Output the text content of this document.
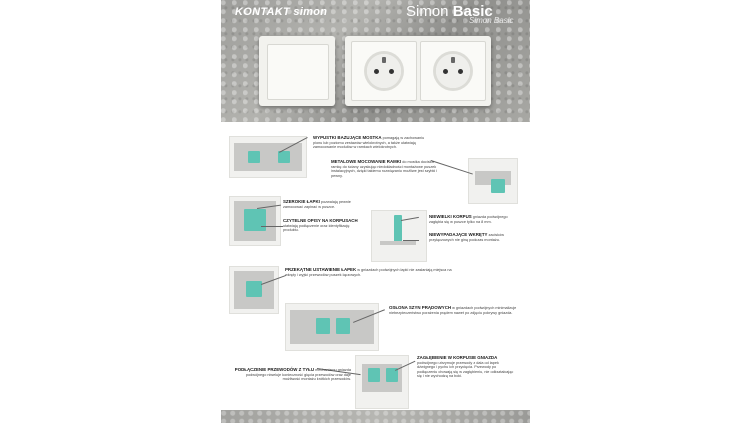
KONTAKT simon	Simon Basic
Simon Basic
WYPUSTKI BAZUJĄCE MOSTKA pomagają w zachowaniu pionu lub poziomu zestawów wielokrotnych, a także ułatwiają zamocowanie modułów w ramkach wielokrotnych.
METALOWE MOCOWANIE RAMKI do mostka dociska ramkę do ściany uzyskując niedokładności montażowe puszek instalacyjnych, dzięki takiemu rozwiązaniu możliwe jest szybki i pewny.
SZEROKIE ŁAPKI pozwalają pewnie zamocować zapinać w puszce.
CZYTELNE OPISY NA KORPUSACH ułatwiają podłączenie oraz identyfikację produktu.
NIEWIELKI KORPUS gniazda podwójnego zagłębia się w puszce tylko na 8 mm.
NIEWYPADAJĄCE WKRĘTY zacisków przyłączowych nie giną podczas montażu.
PRZEKĄTNE USTAWIENIE ŁAPEK w gniazdach podwójnych łapki nie zasłaniają miejsca na wkręty i wyjść przewodów puszek łączowych.
OSŁONA SZYN PRĄDOWYCH w gniazdach podwójnych minimalizuje niebezpieczeństwo porażenia prądem nawet po zdjęciu pokrywy gniazda.
PODŁĄCZENIE PRZEWODÓW Z TYŁU mechanizmu gniazda podwójnego niweluje konieczność gięcia przewodów oraz daje możliwość montażu krótkich przewodów.
ZAGŁĘBIENIE W KORPUSIE GNIAZDA podwójnego utrzymuje przewody z dala od łapek dźwignego i pychu ich przycięcia. Przewody po podłączeniu chowają się w zagłębieniu, nie odkształcając się i nie wychodzą na boki.
